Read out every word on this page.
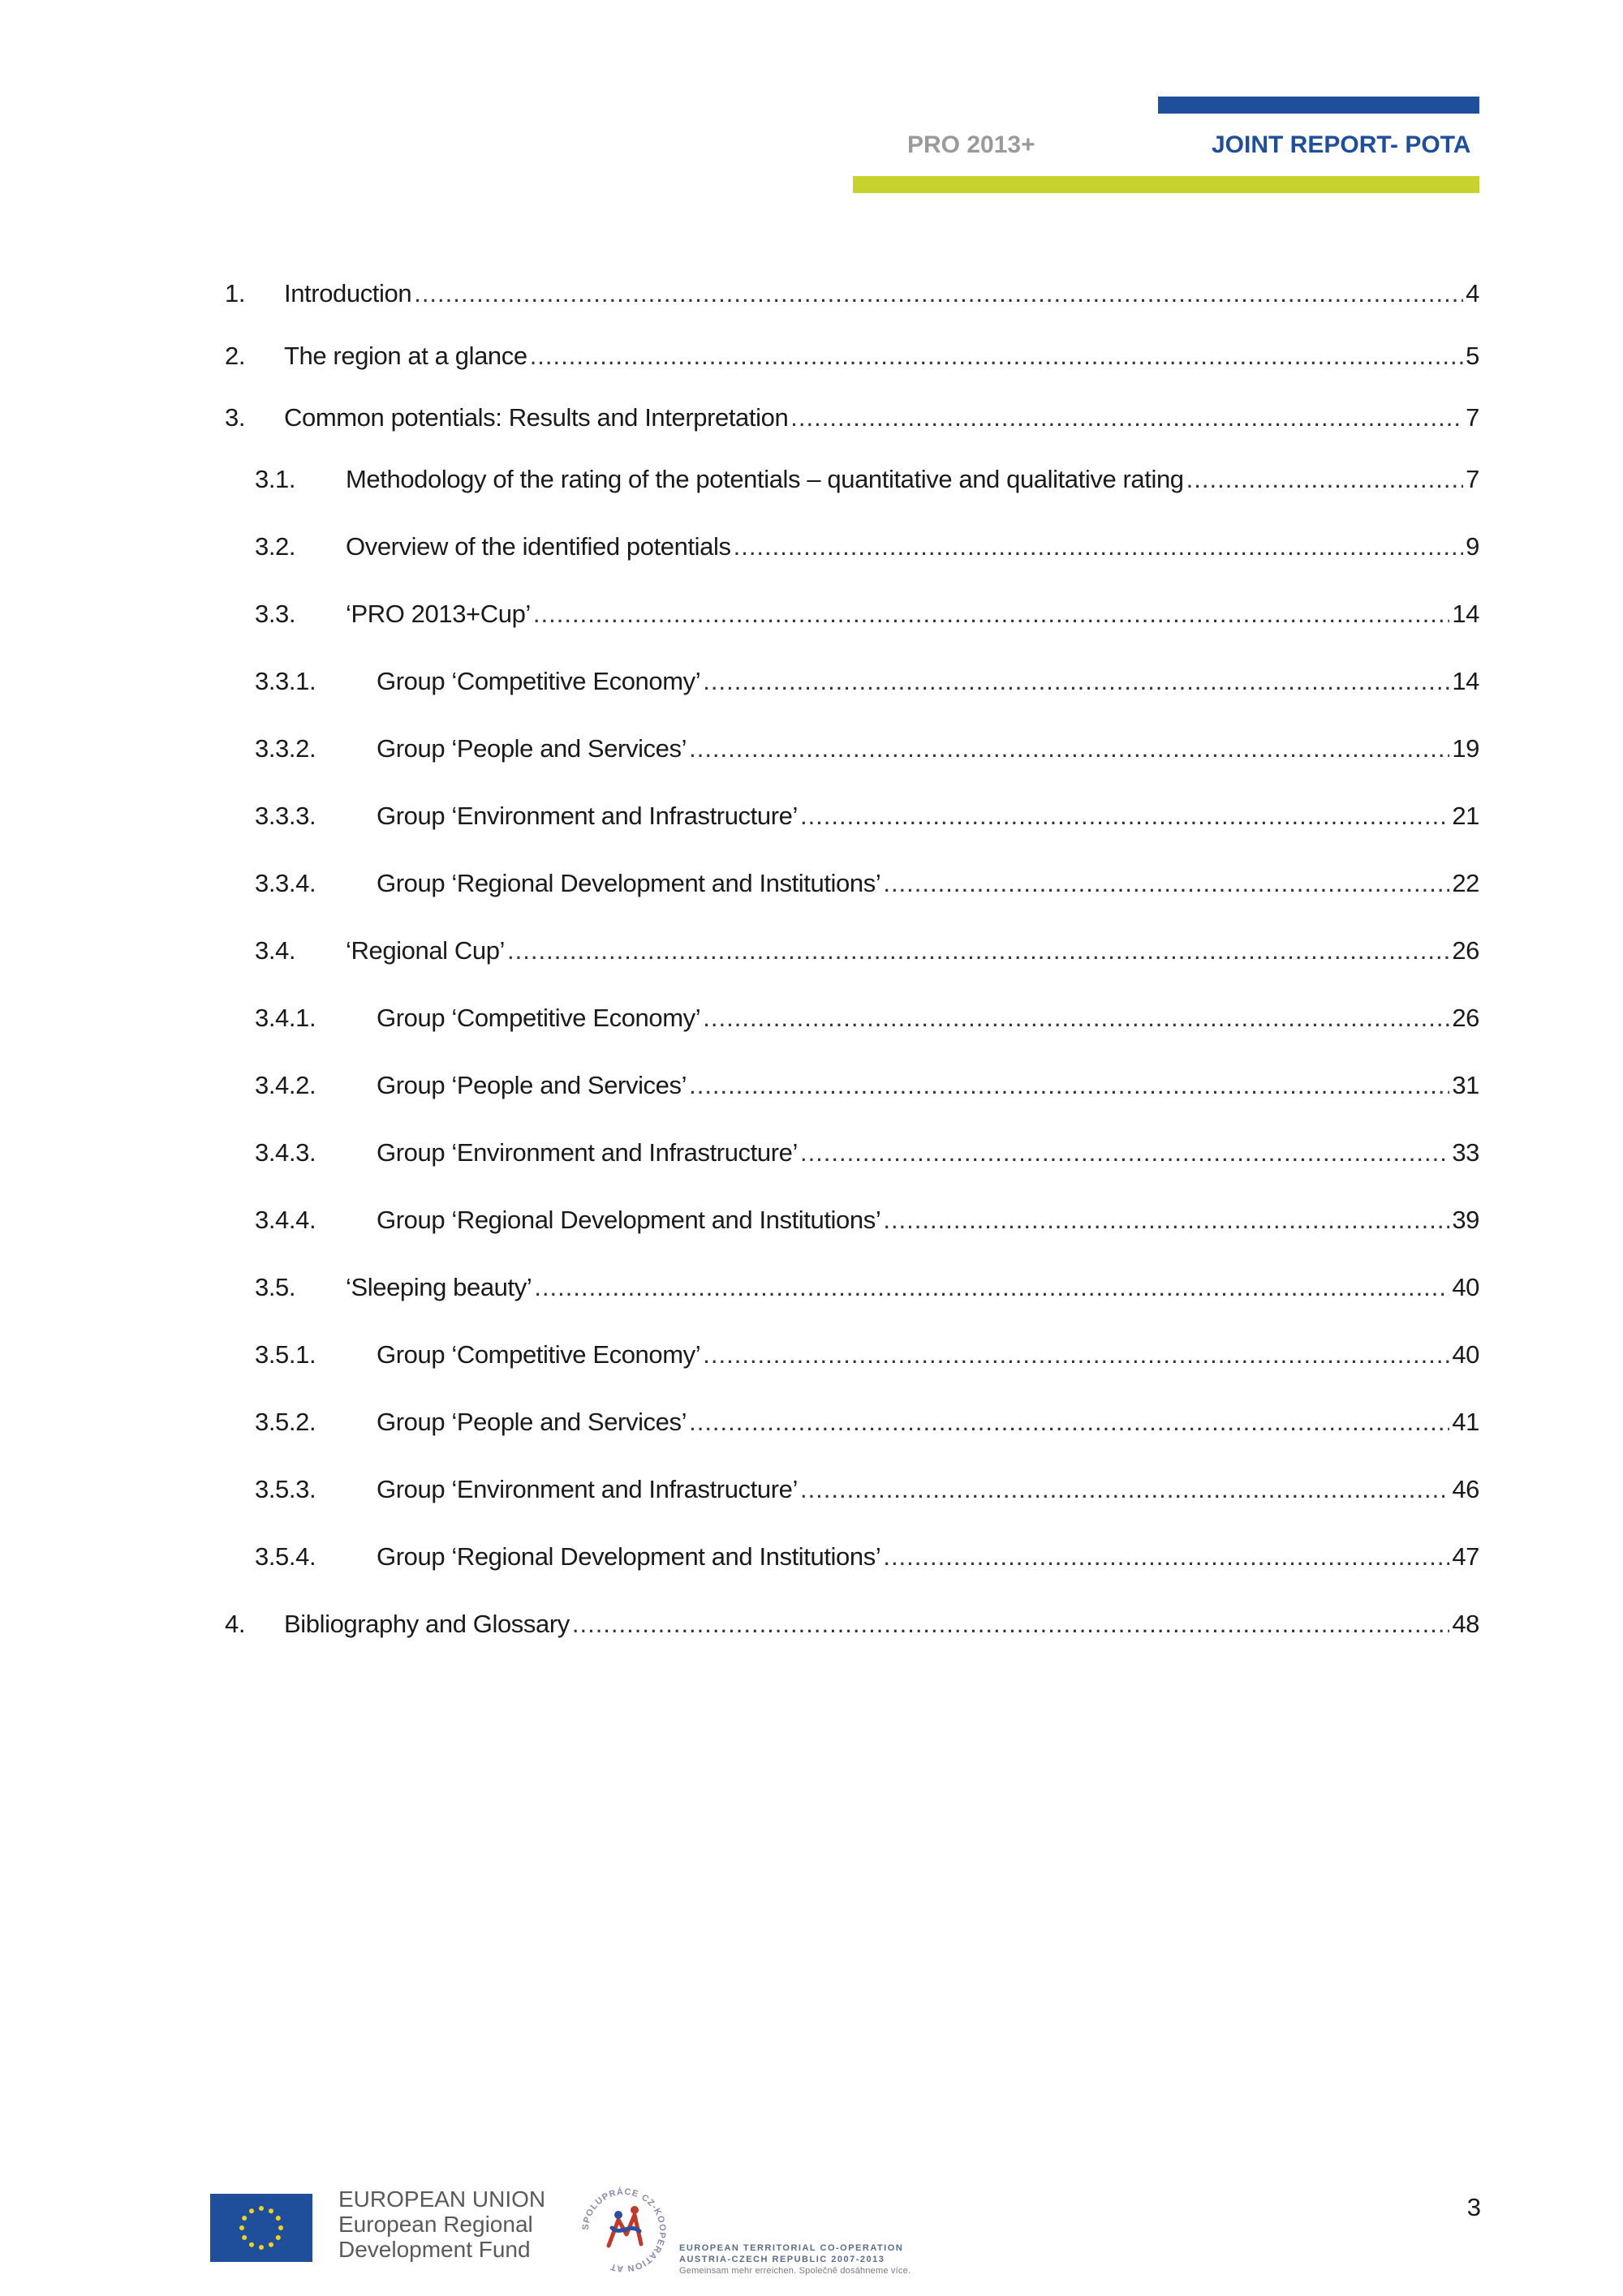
PRO 2013+	JOINT REPORT- POTA
1.	Introduction .....	4
2.	The region at a glance .....	5
3.	Common potentials: Results and Interpretation .....	7
3.1.	Methodology of the rating of the potentials – quantitative and qualitative rating .....	7
3.2.	Overview of the identified potentials .....	9
3.3.	‘PRO 2013+Cup’ .....	14
3.3.1.	Group ‘Competitive Economy’ .....	14
3.3.2.	Group ‘People and Services’ .....	19
3.3.3.	Group ‘Environment and Infrastructure’ .....	21
3.3.4.	Group ‘Regional Development and Institutions’ .....	22
3.4.	‘Regional Cup’ .....	26
3.4.1.	Group ‘Competitive Economy’ .....	26
3.4.2.	Group ‘People and Services’ .....	31
3.4.3.	Group ‘Environment and Infrastructure’ .....	33
3.4.4.	Group ‘Regional Development and Institutions’ .....	39
3.5.	‘Sleeping beauty’ .....	40
3.5.1.	Group ‘Competitive Economy’ .....	40
3.5.2.	Group ‘People and Services’ .....	41
3.5.3.	Group ‘Environment and Infrastructure’ .....	46
3.5.4.	Group ‘Regional Development and Institutions’ .....	47
4.	Bibliography and Glossary .....	48
EUROPEAN UNION
European Regional
Development Fund
SPOLUPRÁCE CZ-KOOPERATION AT
EUROPEAN TERRITORIAL CO-OPERATION
AUSTRIA-CZECH REPUBLIC 2007-2013
Gemeinsam mehr erreichen. Společně dosáhneme více.
3
